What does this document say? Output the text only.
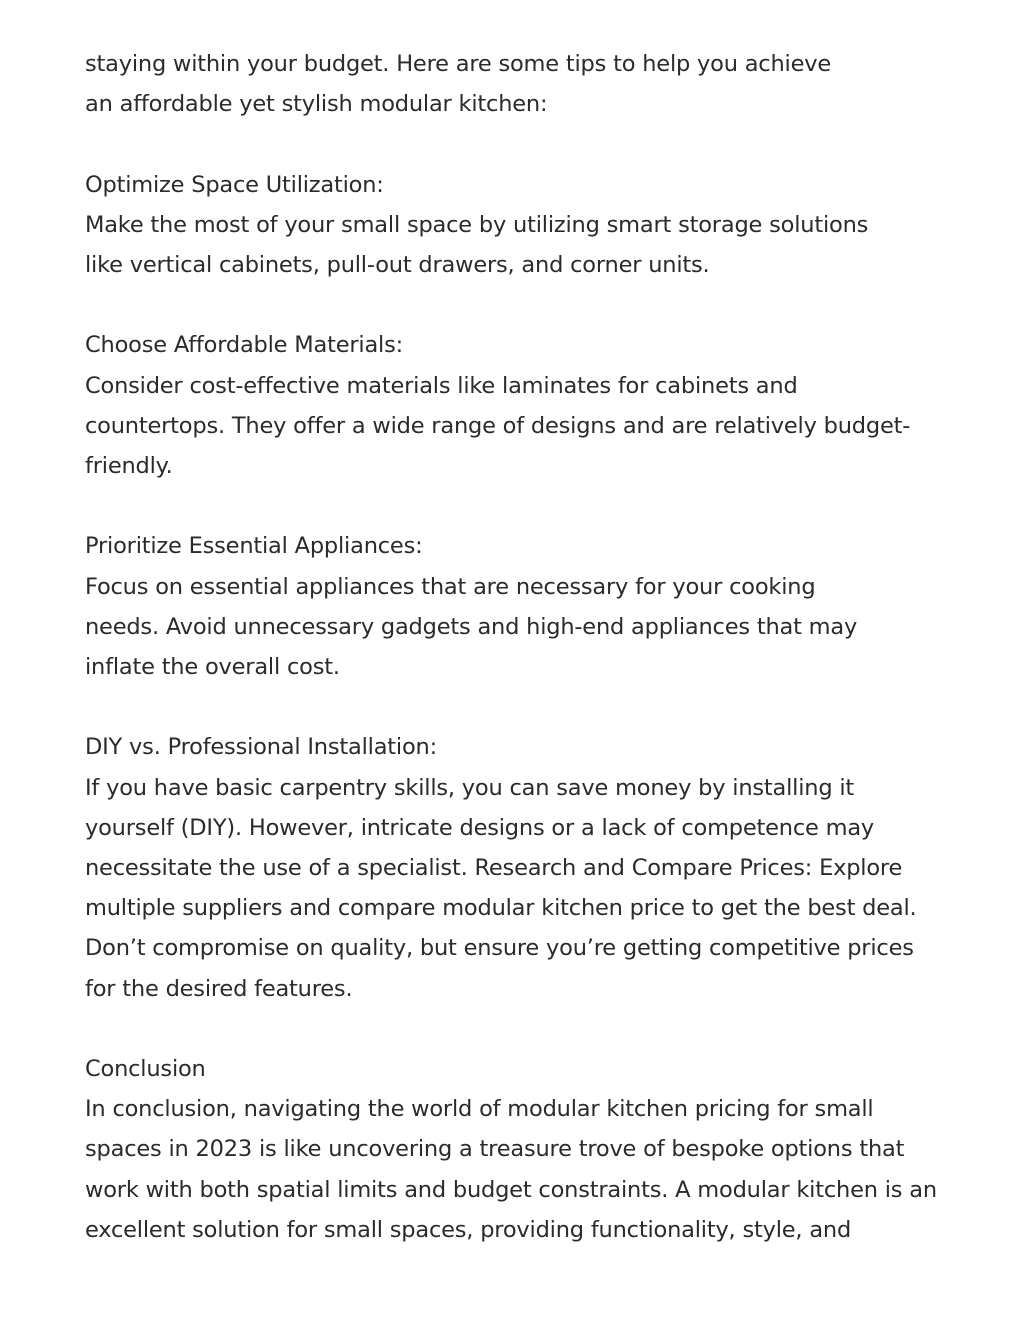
staying within your budget. Here are some tips to help you achieve

an affordable yet stylish modular kitchen:

Optimize Space Utilization:

Make the most of your small space by utilizing smart storage solutions

like vertical cabinets, pull-out drawers, and corner units.

Choose Affordable Materials:

Consider cost-effective materials like laminates for cabinets and

countertops. They offer a wide range of designs and are relatively budget-

friendly.

Prioritize Essential Appliances:

Focus on essential appliances that are necessary for your cooking

needs. Avoid unnecessary gadgets and high-end appliances that may

inflate the overall cost.

DIY vs. Professional Installation:

If you have basic carpentry skills, you can save money by installing it

yourself (DIY). However, intricate designs or a lack of competence may

necessitate the use of a specialist. Research and Compare Prices: Explore

multiple suppliers and compare modular kitchen price to get the best deal.

Don’t compromise on quality, but ensure you’re getting competitive prices

for the desired features.

Conclusion

In conclusion, navigating the world of modular kitchen pricing for small

spaces in 2023 is like uncovering a treasure trove of bespoke options that

work with both spatial limits and budget constraints. A modular kitchen is an

excellent solution for small spaces, providing functionality, style, and
